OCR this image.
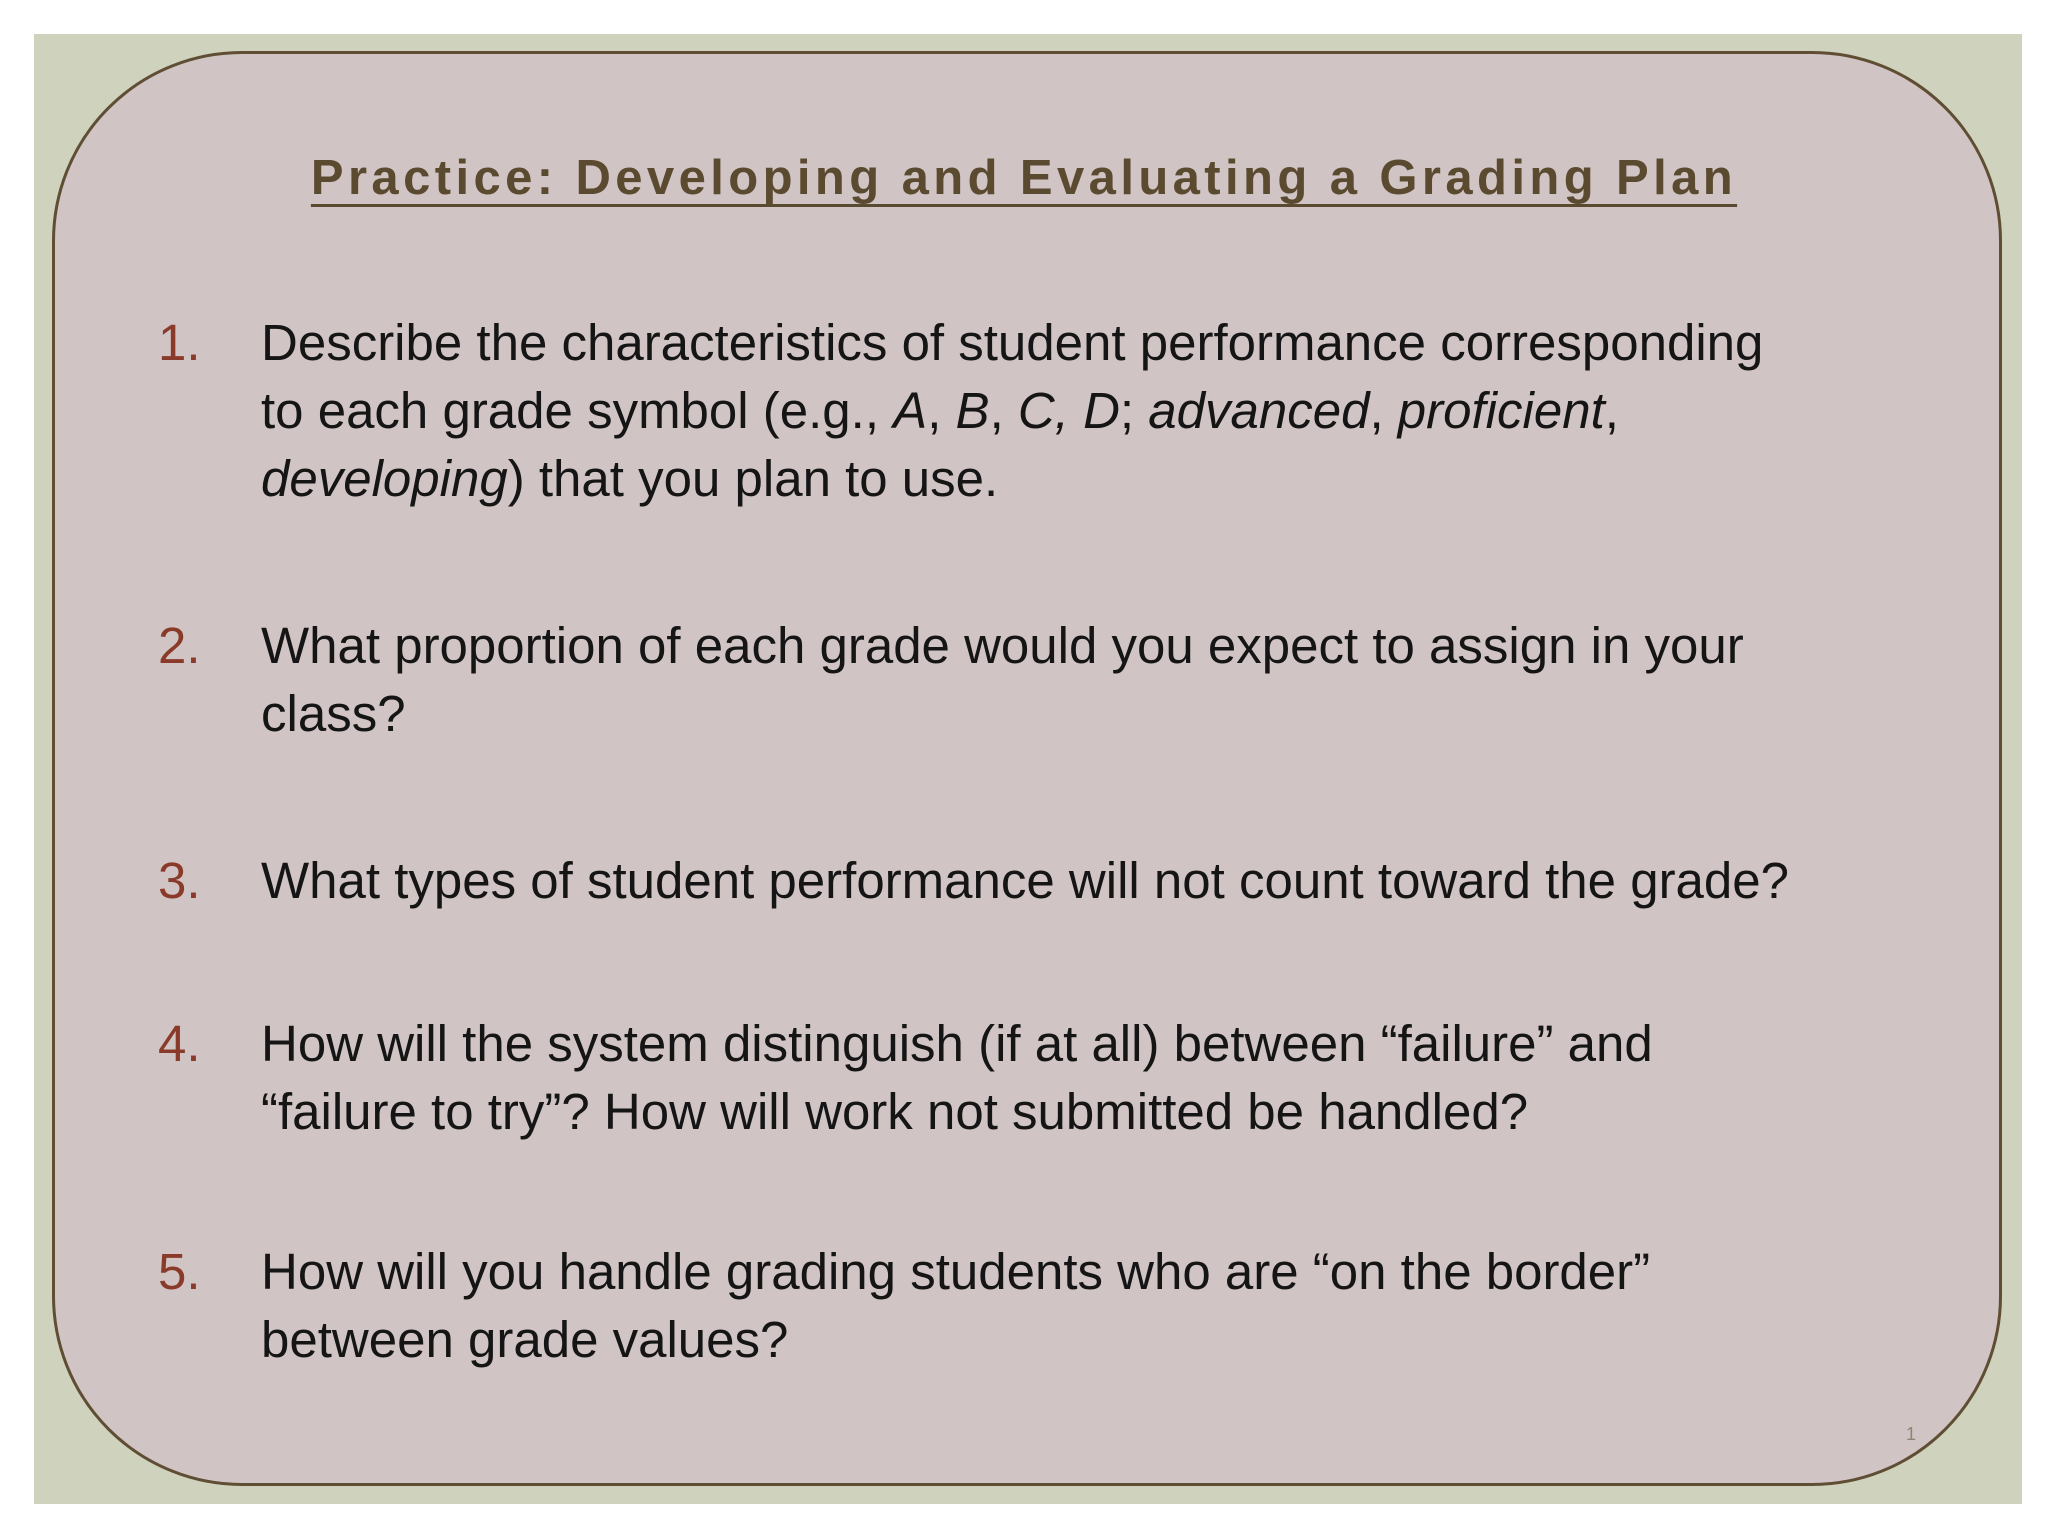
Practice: Developing and Evaluating a Grading Plan
1. Describe the characteristics of student performance corresponding
to each grade symbol (e.g., A, B, C, D; advanced, proficient,
developing) that you plan to use.
2. What proportion of each grade would you expect to assign in your
class?
3. What types of student performance will not count toward the grade?
4. How will the system distinguish (if at all) between “failure” and
“failure to try”? How will work not submitted be handled?
5. How will you handle grading students who are “on the border”
between grade values?
1
